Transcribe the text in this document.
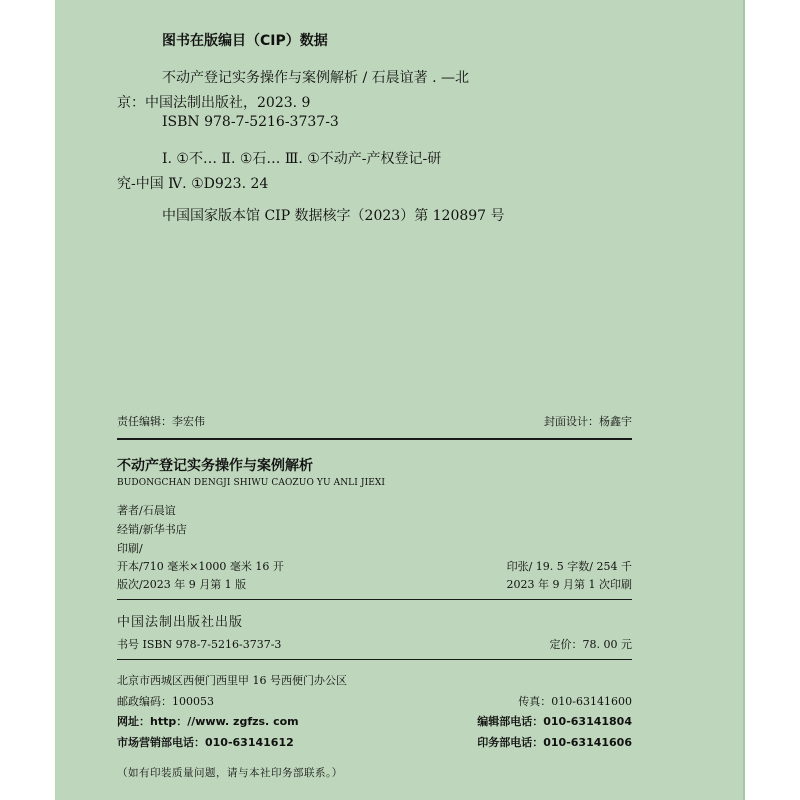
图书在版编目（CIP）数据
不动产登记实务操作与案例解析 / 石晨谊著 . —北
京：中国法制出版社，2023. 9
ISBN 978-7-5216-3737-3
Ⅰ. ①不… Ⅱ. ①石… Ⅲ. ①不动产-产权登记-研
究-中国 Ⅳ. ①D923. 24
中国国家版本馆 CIP 数据核字（2023）第 120897 号
责任编辑：李宏伟	封面设计：杨鑫宇
不动产登记实务操作与案例解析
BUDONGCHAN DENGJI SHIWU CAOZUO YU ANLI JIEXI
著者/石晨谊
经销/新华书店
印刷/
开本/710 毫米×1000 毫米 16 开	印张/ 19. 5 字数/ 254 千
版次/2023 年 9 月第 1 版	2023 年 9 月第 1 次印刷
中国法制出版社出版
书号 ISBN 978-7-5216-3737-3	定价：78. 00 元
北京市西城区西便门西里甲 16 号西便门办公区
邮政编码：100053	传真：010-63141600
网址：http：//www. zgfzs. com	编辑部电话：010-63141804
市场营销部电话：010-63141612	印务部电话：010-63141606
（如有印装质量问题，请与本社印务部联系。）
